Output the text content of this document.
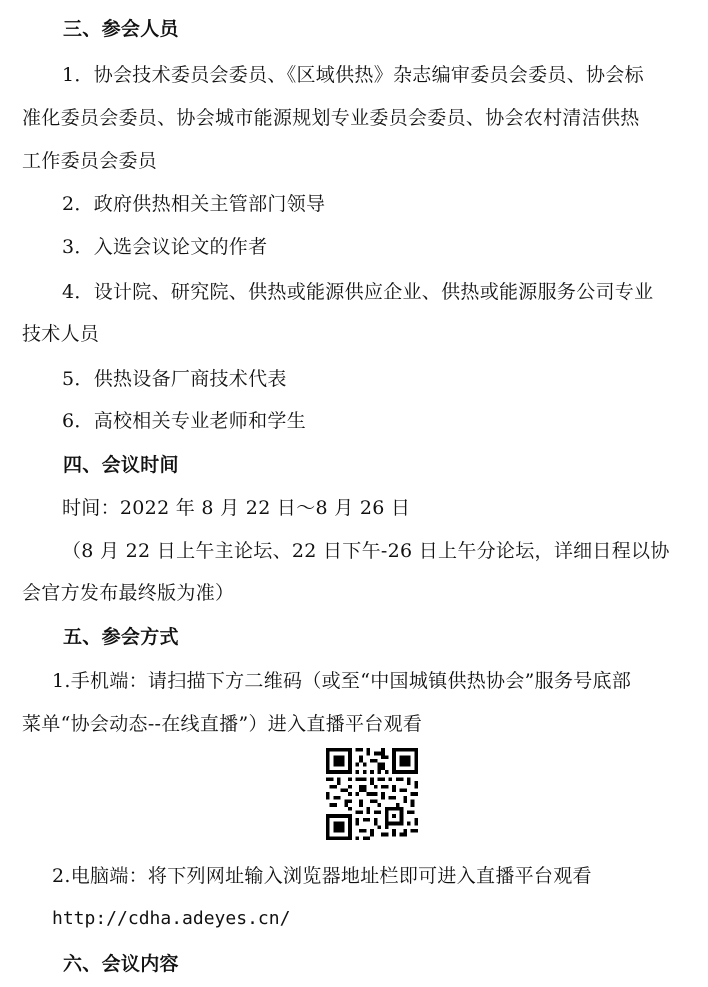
三、参会人员
1．协会技术委员会委员、《区域供热》杂志编审委员会委员、协会标
准化委员会委员、协会城市能源规划专业委员会委员、协会农村清洁供热
工作委员会委员
2．政府供热相关主管部门领导
3．入选会议论文的作者
4．设计院、研究院、供热或能源供应企业、供热或能源服务公司专业
技术人员
5．供热设备厂商技术代表
6．高校相关专业老师和学生
四、会议时间
时间：2022 年 8 月 22 日～8 月 26 日
（8 月 22 日上午主论坛、22 日下午-26 日上午分论坛，详细日程以协
会官方发布最终版为准）
五、参会方式
1.手机端：请扫描下方二维码（或至“中国城镇供热协会”服务号底部
菜单“协会动态--在线直播”）进入直播平台观看
2.电脑端：将下列网址输入浏览器地址栏即可进入直播平台观看
http://cdha.adeyes.cn/
六、会议内容
